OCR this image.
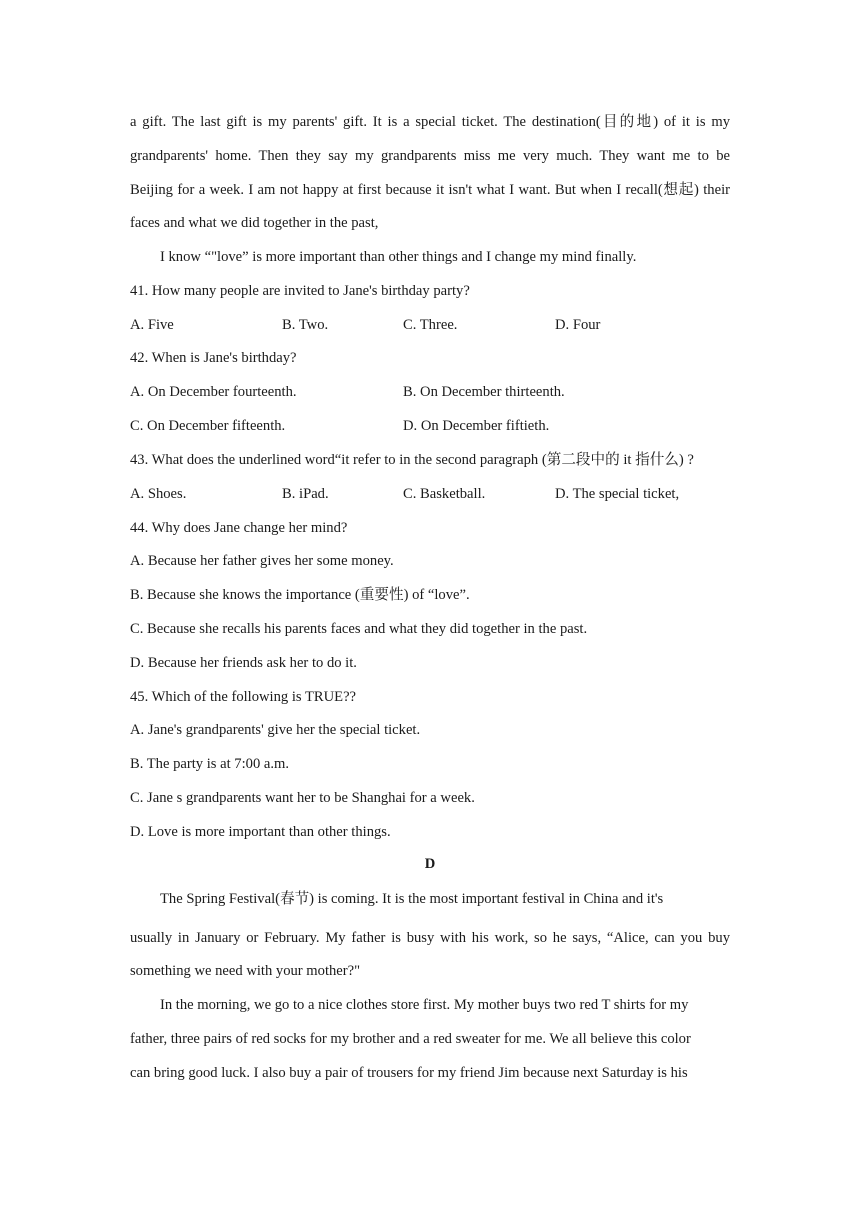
a gift. The last gift is my parents' gift. It is a special ticket. The destination(目的地) of it is my
grandparents' home. Then they say my grandparents miss me very much. They want me to be
Beijing for a week. I am not happy at first because it isn't what I want. But when I recall(想起) their
faces and what we did together in the past,
I know “"love” is more important than other things and I change my mind finally.
41. How many people are invited to Jane's birthday party?
A. Five	B. Two.	C. Three.	D. Four
42. When is Jane's birthday?
A. On December fourteenth.	B. On December thirteenth.
C. On December fifteenth.	D. On December fiftieth.
43. What does the underlined word“it refer to in the second paragraph (第二段中的 it 指什么) ?
A. Shoes.	B. iPad.	C. Basketball.	D. The special ticket,
44. Why does Jane change her mind?
A. Because her father gives her some money.
B. Because she knows the importance (重要性) of “love”.
C. Because she recalls his parents faces and what they did together in the past.
D. Because her friends ask her to do it.
45. Which of the following is TRUE??
A. Jane's grandparents' give her the special ticket.
B. The party is at 7:00 a.m.
C. Jane s grandparents want her to be Shanghai for a week.
D. Love is more important than other things.
D
The Spring Festival(春节) is coming. It is the most important festival in China and it's
usually in January or February. My father is busy with his work, so he says, “Alice, can you buy
something we need with your mother?"
In the morning, we go to a nice clothes store first. My mother buys two red T shirts for my
father, three pairs of red socks for my brother and a red sweater for me. We all believe this color
can bring good luck. I also buy a pair of trousers for my friend Jim because next Saturday is his
